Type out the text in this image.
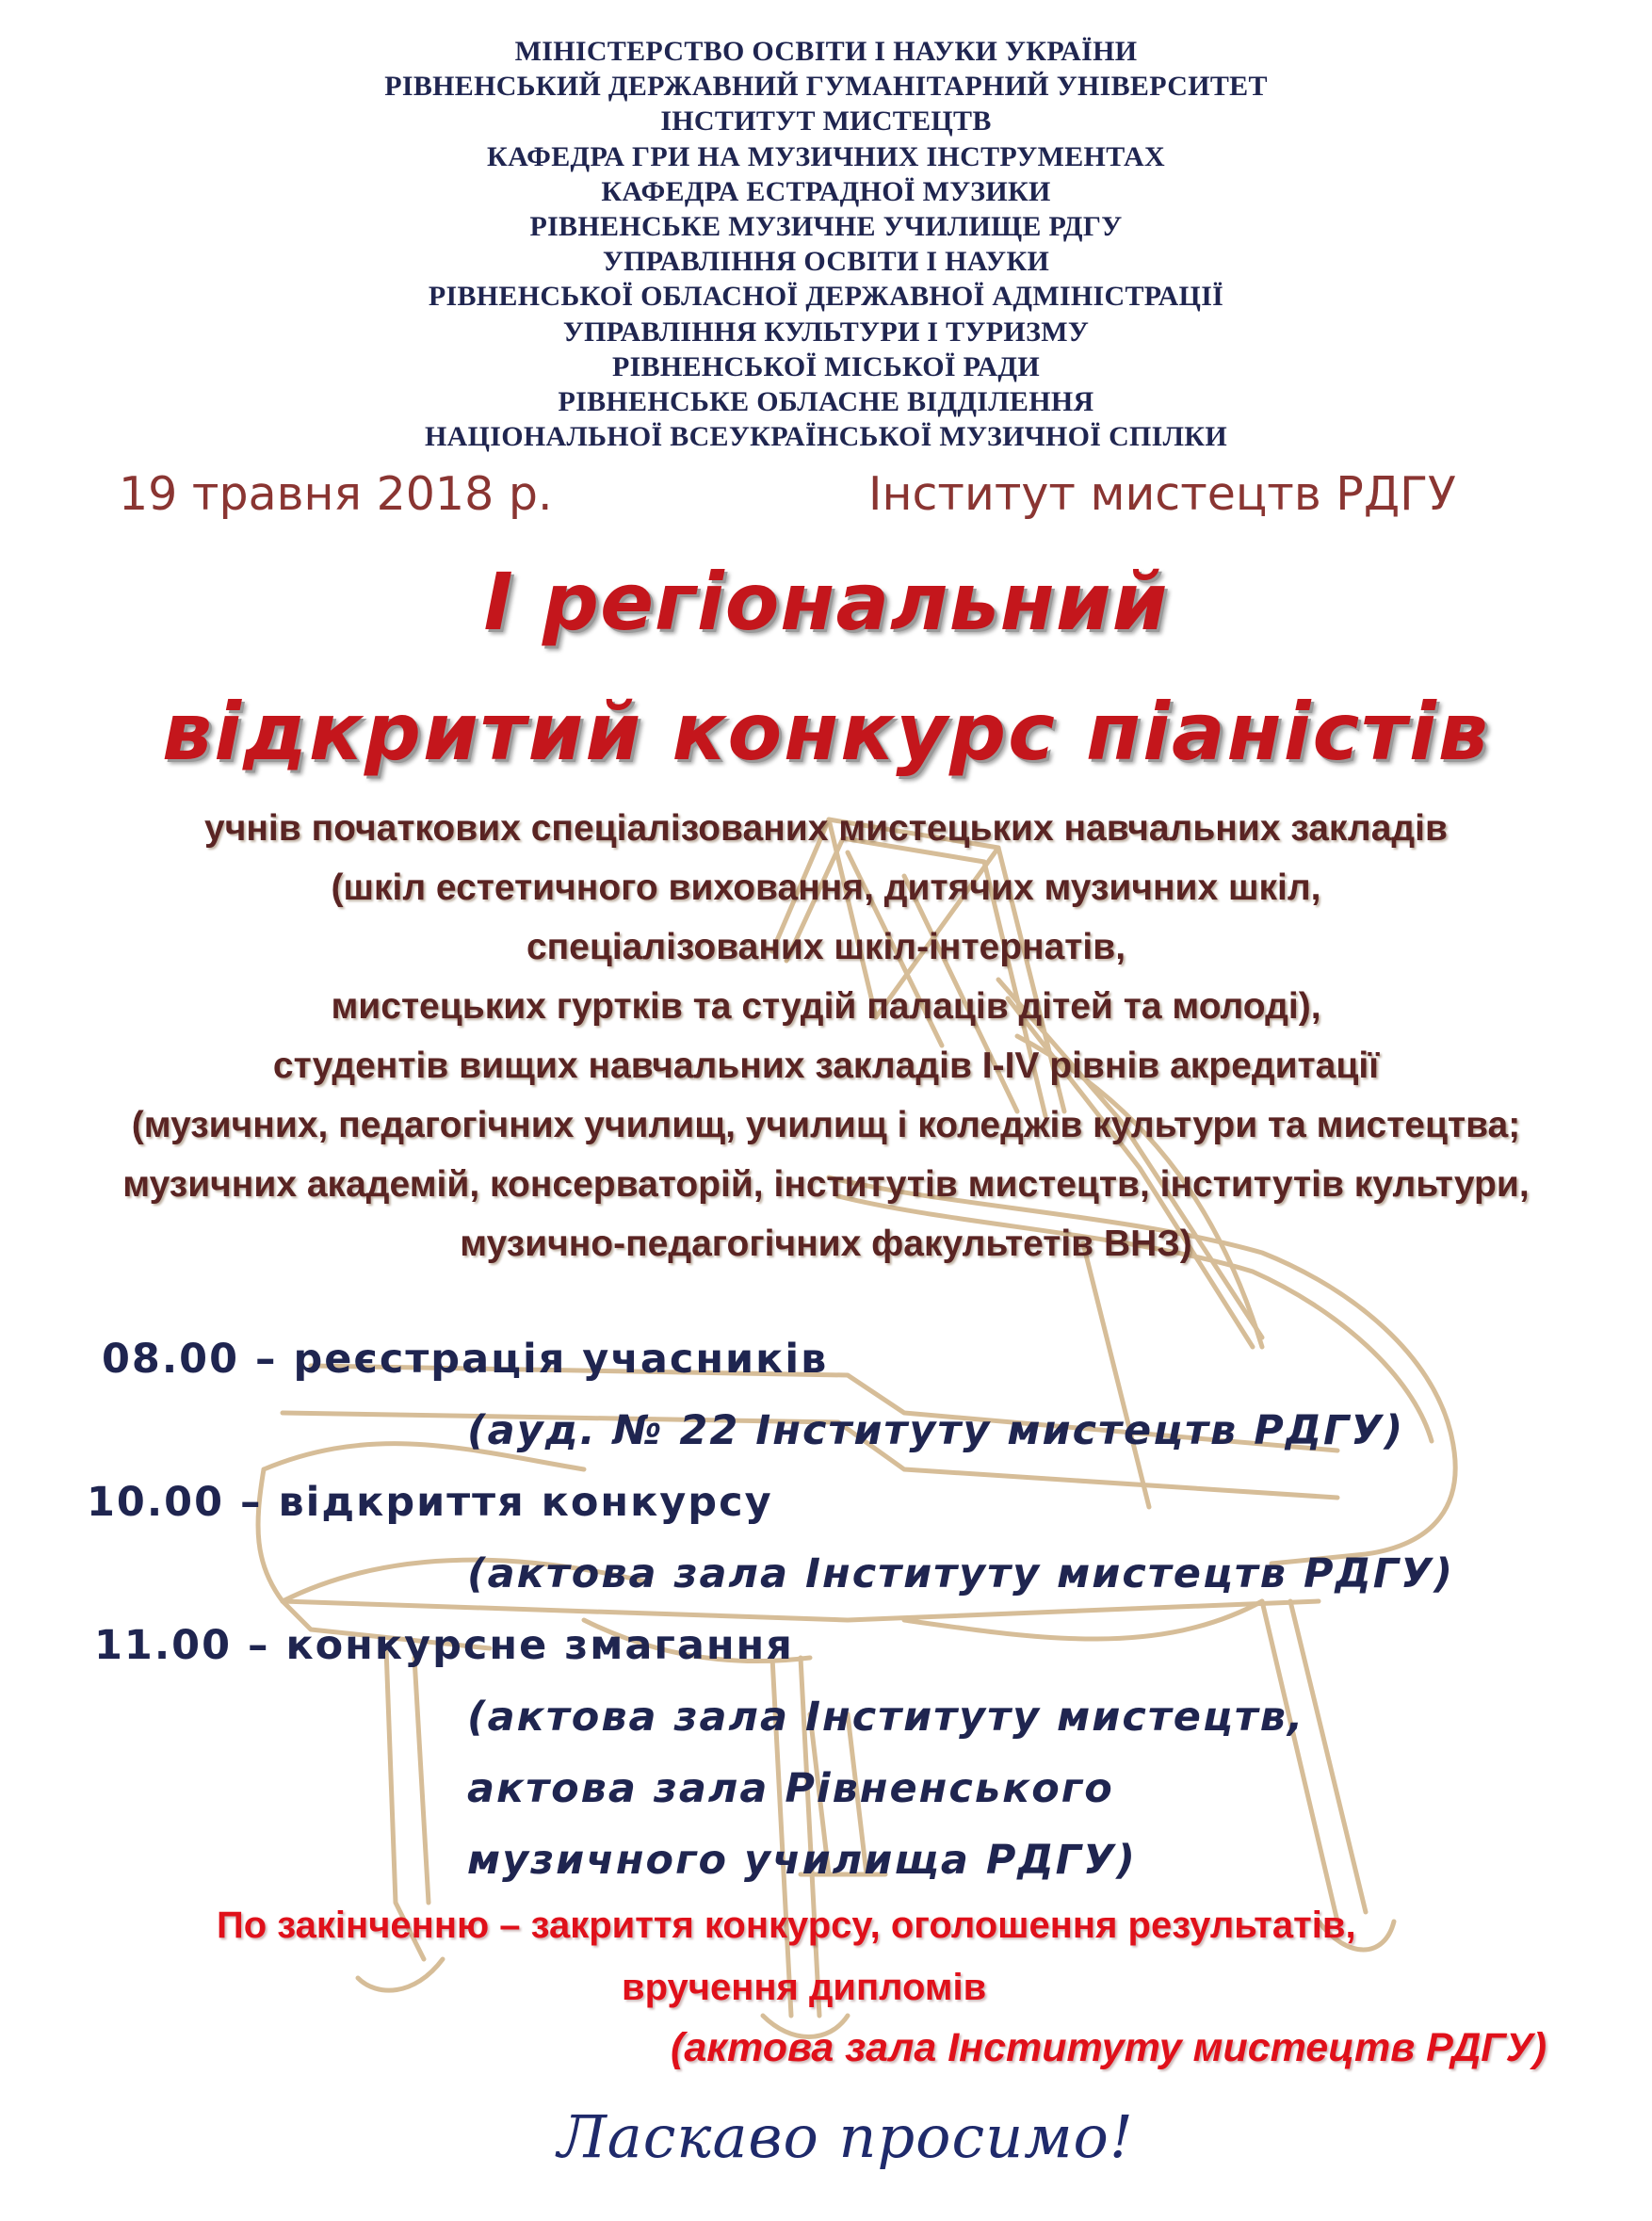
МІНІСТЕРСТВО ОСВІТИ І НАУКИ УКРАЇНИ
РІВНЕНСЬКИЙ ДЕРЖАВНИЙ ГУМАНІТАРНИЙ УНІВЕРСИТЕТ
ІНСТИТУТ МИСТЕЦТВ
КАФЕДРА ГРИ НА МУЗИЧНИХ ІНСТРУМЕНТАХ
КАФЕДРА ЕСТРАДНОЇ МУЗИКИ
РІВНЕНСЬКЕ МУЗИЧНЕ УЧИЛИЩЕ РДГУ
УПРАВЛІННЯ ОСВІТИ І НАУКИ
РІВНЕНСЬКОЇ ОБЛАСНОЇ ДЕРЖАВНОЇ АДМІНІСТРАЦІЇ
УПРАВЛІННЯ КУЛЬТУРИ І ТУРИЗМУ
РІВНЕНСЬКОЇ МІСЬКОЇ РАДИ
РІВНЕНСЬКЕ ОБЛАСНЕ ВІДДІЛЕННЯ
НАЦІОНАЛЬНОЇ ВСЕУКРАЇНСЬКОЇ МУЗИЧНОЇ СПІЛКИ
19 травня 2018 р.	Інститут мистецтв РДГУ
І регіональний
відкритий конкурс піаністів
учнів початкових спеціалізованих мистецьких навчальних закладів
(шкіл естетичного виховання, дитячих музичних шкіл,
спеціалізованих шкіл-інтернатів,
мистецьких гуртків та студій палаців дітей та молоді),
студентів вищих навчальних закладів І-ІV рівнів акредитації
(музичних, педагогічних училищ, училищ і коледжів культури та мистецтва;
музичних академій, консерваторій, інститутів мистецтв, інститутів культури,
музично-педагогічних факультетів ВНЗ)
08.00 – реєстрація учасників
(ауд. № 22 Інституту мистецтв РДГУ)
10.00 – відкриття конкурсу
(актова зала Інституту мистецтв РДГУ)
11.00 – конкурсне змагання
(актова зала Інституту мистецтв,
актова зала Рівненського
музичного училища РДГУ)
По закінченню – закриття конкурсу, оголошення результатів,
вручення дипломів
(актова зала Інституту мистецтв РДГУ)
Ласкаво просимо!
